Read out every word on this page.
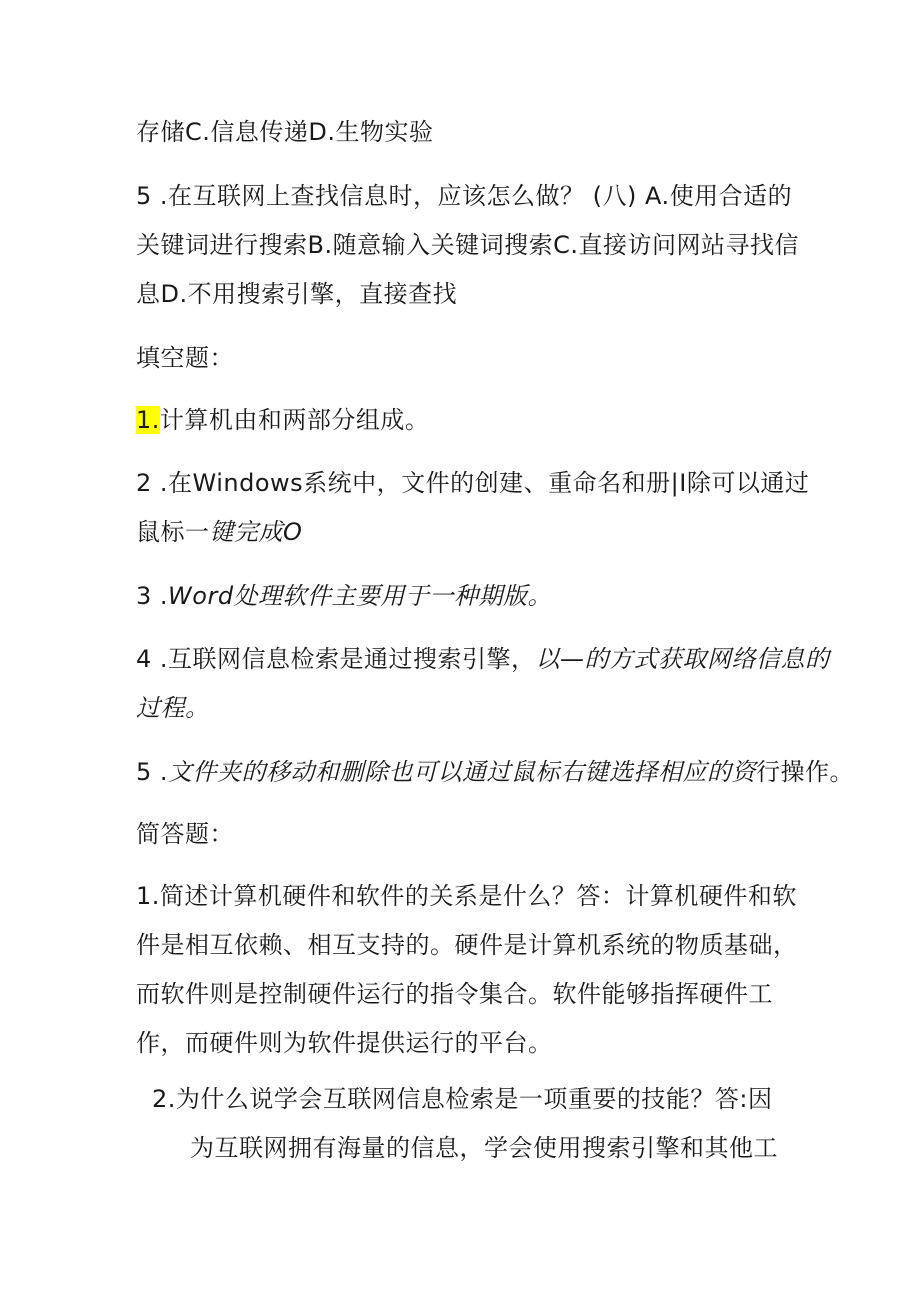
存储C.信息传递D.生物实验
5 .在互联网上查找信息时，应该怎么做？ (八) A.使用合适的
关键词进行搜索B.随意输入关键词搜索C.直接访问网站寻找信
息D.不用搜索引擎，直接查找
填空题：
1.计算机由和两部分组成。
2 .在Windows系统中，文件的创建、重命名和册|I除可以通过
鼠标一键完成O
3 .Word处理软件主要用于一种期版。
4 .互联网信息检索是通过搜索引擎，以—的方式获取网络信息的
过程。
5 .文件夹的移动和删除也可以通过鼠标右键选择相应的资行操作。
简答题：
1.简述计算机硬件和软件的关系是什么？答：计算机硬件和软
件是相互依赖、相互支持的。硬件是计算机系统的物质基础，
而软件则是控制硬件运行的指令集合。软件能够指挥硬件工
作，而硬件则为软件提供运行的平台。
2.为什么说学会互联网信息检索是一项重要的技能？答:因
为互联网拥有海量的信息，学会使用搜索引擎和其他工
